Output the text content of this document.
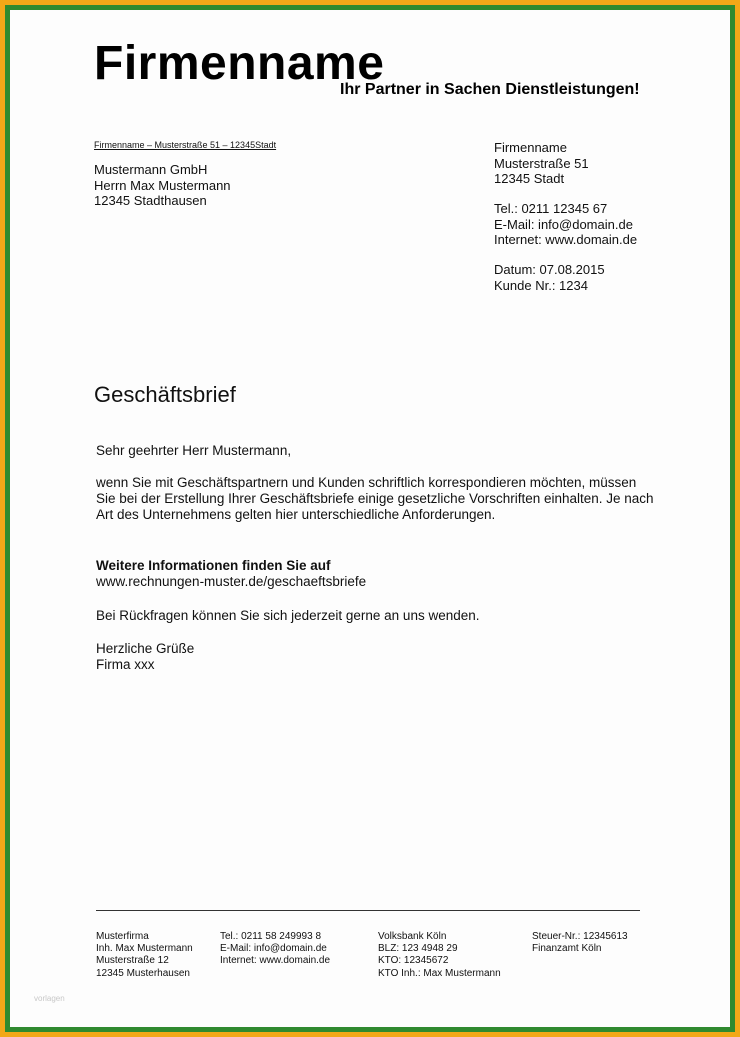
Firmenname
Ihr Partner in Sachen Dienstleistungen!
Firmenname – Musterstraße 51 – 12345Stadt
Mustermann GmbH
Herrn Max Mustermann
12345 Stadthausen
Firmenname
Musterstraße 51
12345 Stadt
Tel.: 0211 12345 67
E-Mail: info@domain.de
Internet: www.domain.de
Datum: 07.08.2015
Kunde Nr.: 1234
Geschäftsbrief
Sehr geehrter Herr Mustermann,
wenn Sie mit Geschäftspartnern und Kunden schriftlich korrespondieren möchten, müssen Sie bei der Erstellung Ihrer Geschäftsbriefe einige gesetzliche Vorschriften einhalten. Je nach Art des Unternehmens gelten hier unterschiedliche Anforderungen.
Weitere Informationen finden Sie auf
www.rechnungen-muster.de/geschaeftsbriefe
Bei Rückfragen können Sie sich jederzeit gerne an uns wenden.
Herzliche Grüße
Firma xxx
Musterfirma
Inh. Max Mustermann
Musterstraße 12
12345 Musterhausen
Tel.: 0211 58 249993 8
E-Mail: info@domain.de
Internet: www.domain.de
Volksbank Köln
BLZ: 123 4948 29
KTO: 12345672
KTO Inh.: Max Mustermann
Steuer-Nr.: 12345613
Finanzamt Köln
vorlagen
